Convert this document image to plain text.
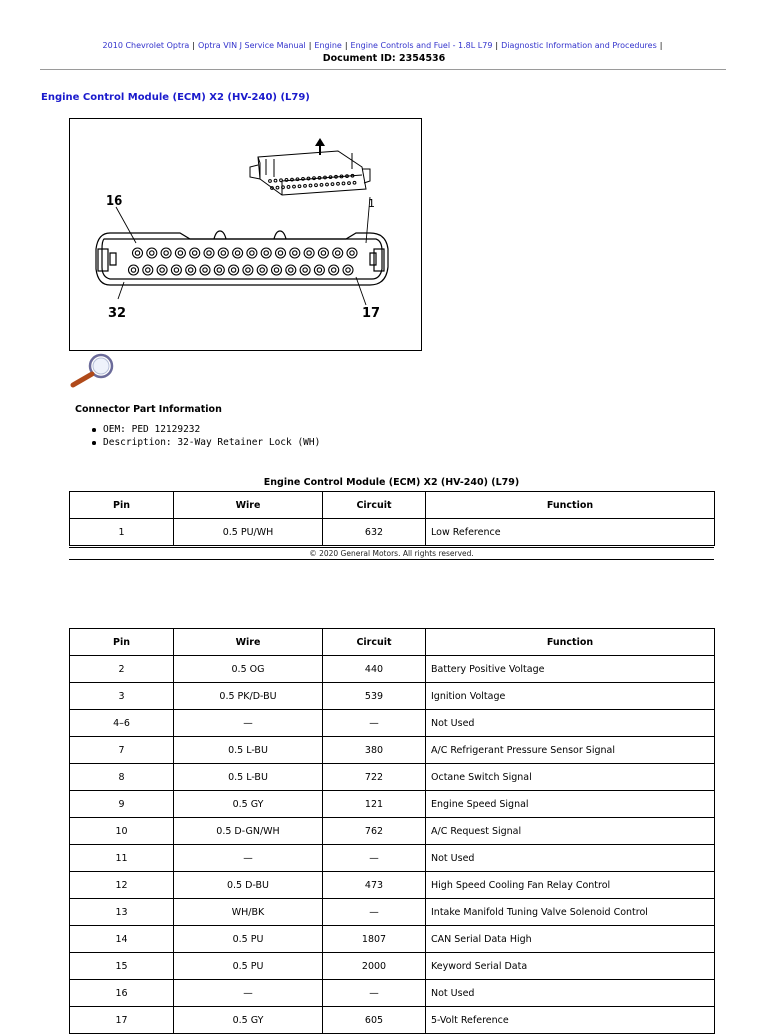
2010 Chevrolet Optra | Optra VIN J Service Manual | Engine | Engine Controls and Fuel - 1.8L L79 | Diagnostic Information and Procedures |
Document ID: 2354536
Engine Control Module (ECM) X2 (HV-240) (L79)
16	1
32	17
Connector Part Information
OEM: PED 12129232
Description: 32-Way Retainer Lock (WH)
Engine Control Module (ECM) X2 (HV-240) (L79)
Pin	Wire	Circuit	Function
1	0.5 PU/WH	632	Low Reference
© 2020 General Motors. All rights reserved.
Pin	Wire	Circuit	Function
2	0.5 OG	440	Battery Positive Voltage
3	0.5 PK/D-BU	539	Ignition Voltage
4–6	—	—	Not Used
7	0.5 L-BU	380	A/C Refrigerant Pressure Sensor Signal
8	0.5 L-BU	722	Octane Switch Signal
9	0.5 GY	121	Engine Speed Signal
10	0.5 D-GN/WH	762	A/C Request Signal
11	—	—	Not Used
12	0.5 D-BU	473	High Speed Cooling Fan Relay Control
13	WH/BK	—	Intake Manifold Tuning Valve Solenoid Control
14	0.5 PU	1807	CAN Serial Data High
15	0.5 PU	2000	Keyword Serial Data
16	—	—	Not Used
17	0.5 GY	605	5-Volt Reference
